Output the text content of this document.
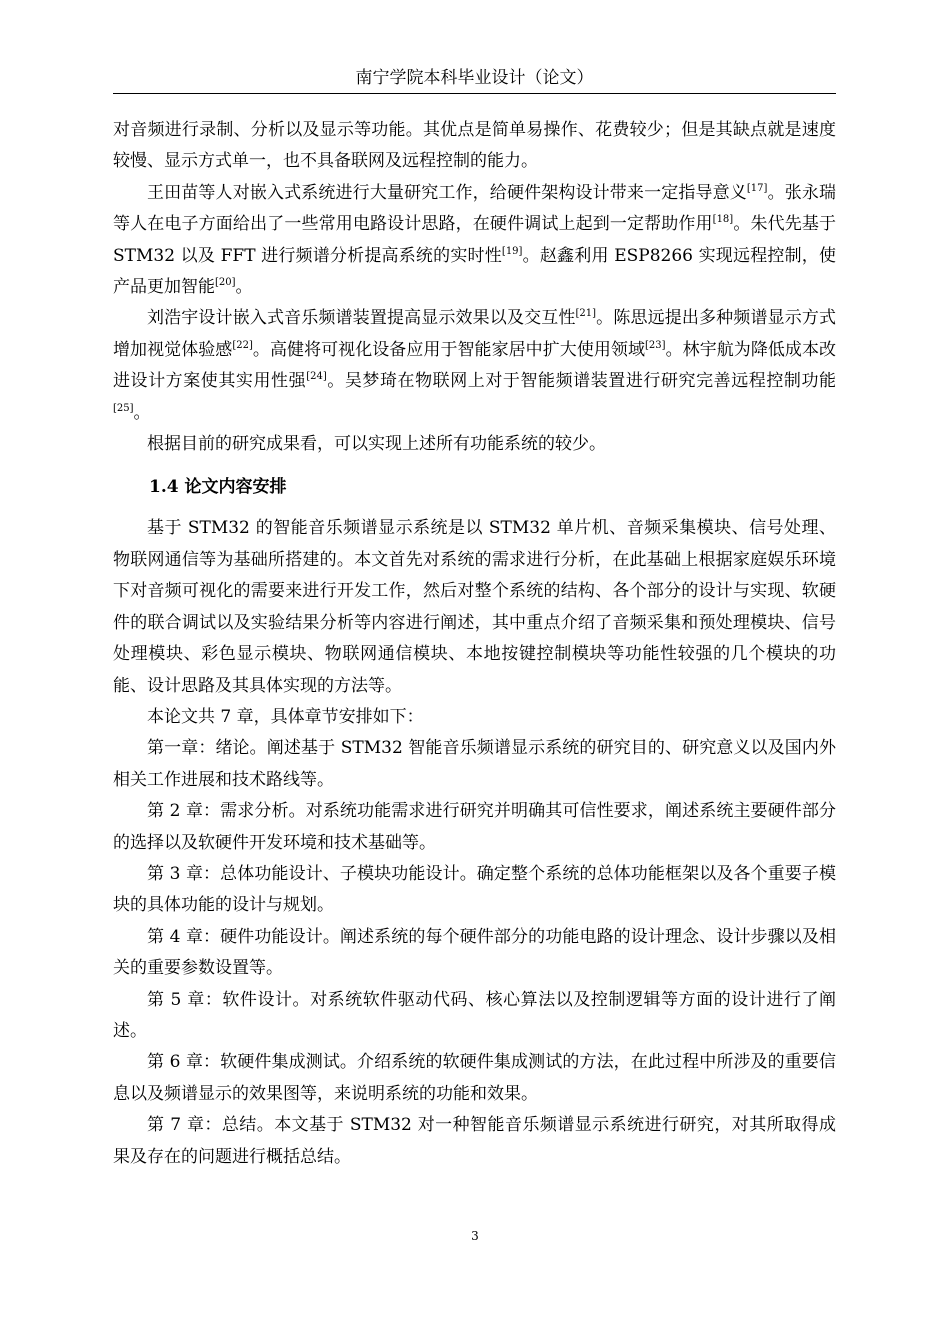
南宁学院本科毕业设计（论文）

对音频进行录制、分析以及显示等功能。其优点是简单易操作、花费较少；但是其缺点就是速度较慢、显示方式单一，也不具备联网及远程控制的能力。

王田苗等人对嵌入式系统进行大量研究工作，给硬件架构设计带来一定指导意义[17]。张永瑞等人在电子方面给出了一些常用电路设计思路，在硬件调试上起到一定帮助作用[18]。朱代先基于 STM32 以及 FFT 进行频谱分析提高系统的实时性[19]。赵鑫利用 ESP8266 实现远程控制，使产品更加智能[20]。

刘浩宇设计嵌入式音乐频谱装置提高显示效果以及交互性[21]。陈思远提出多种频谱显示方式增加视觉体验感[22]。高健将可视化设备应用于智能家居中扩大使用领域[23]。林宇航为降低成本改进设计方案使其实用性强[24]。吴梦琦在物联网上对于智能频谱装置进行研究完善远程控制功能[25]。

根据目前的研究成果看，可以实现上述所有功能系统的较少。

1.4 论文内容安排

基于 STM32 的智能音乐频谱显示系统是以 STM32 单片机、音频采集模块、信号处理、物联网通信等为基础所搭建的。本文首先对系统的需求进行分析，在此基础上根据家庭娱乐环境下对音频可视化的需要来进行开发工作，然后对整个系统的结构、各个部分的设计与实现、软硬件的联合调试以及实验结果分析等内容进行阐述，其中重点介绍了音频采集和预处理模块、信号处理模块、彩色显示模块、物联网通信模块、本地按键控制模块等功能性较强的几个模块的功能、设计思路及其具体实现的方法等。

本论文共 7 章，具体章节安排如下：

第一章：绪论。阐述基于 STM32 智能音乐频谱显示系统的研究目的、研究意义以及国内外相关工作进展和技术路线等。

第 2 章：需求分析。对系统功能需求进行研究并明确其可信性要求，阐述系统主要硬件部分的选择以及软硬件开发环境和技术基础等。

第 3 章：总体功能设计、子模块功能设计。确定整个系统的总体功能框架以及各个重要子模块的具体功能的设计与规划。

第 4 章：硬件功能设计。阐述系统的每个硬件部分的功能电路的设计理念、设计步骤以及相关的重要参数设置等。

第 5 章：软件设计。对系统软件驱动代码、核心算法以及控制逻辑等方面的设计进行了阐述。

第 6 章：软硬件集成测试。介绍系统的软硬件集成测试的方法，在此过程中所涉及的重要信息以及频谱显示的效果图等，来说明系统的功能和效果。

第 7 章：总结。本文基于 STM32 对一种智能音乐频谱显示系统进行研究，对其所取得成果及存在的问题进行概括总结。

3
